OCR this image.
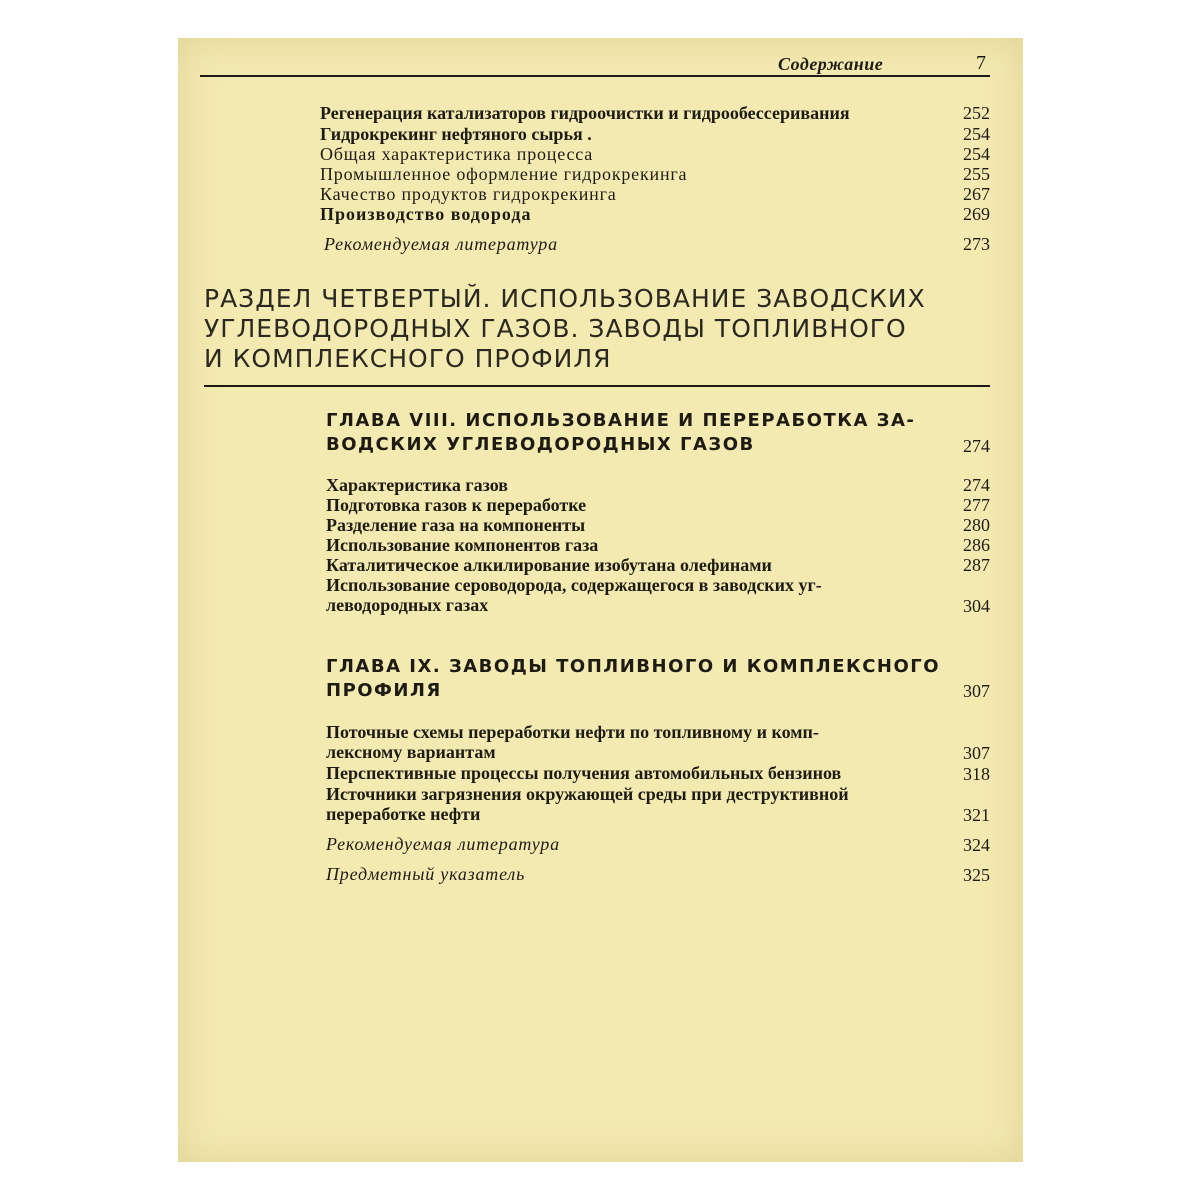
Содержание	7
Регенерация катализаторов гидроочистки и гидрообессеривания	252
Гидрокрекинг нефтяного сырья .	254
Общая характеристика процесса	254
Промышленное оформление гидрокрекинга	255
Качество продуктов гидрокрекинга	267
Производство водорода	269
Рекомендуемая литература	273
РАЗДЕЛ ЧЕТВЕРТЫЙ. ИСПОЛЬЗОВАНИЕ ЗАВОДСКИХ
УГЛЕВОДОРОДНЫХ ГАЗОВ. ЗАВОДЫ ТОПЛИВНОГО
И КОМПЛЕКСНОГО ПРОФИЛЯ
ГЛАВА VIII. ИСПОЛЬЗОВАНИЕ И ПЕРЕРАБОТКА ЗА-
ВОДСКИХ УГЛЕВОДОРОДНЫХ ГАЗОВ	274
Характеристика газов	274
Подготовка газов к переработке	277
Разделение газа на компоненты	280
Использование компонентов газа	286
Каталитическое алкилирование изобутана олефинами	287
Использование сероводорода, содержащегося в заводских уг-
леводородных газах	304
ГЛАВА IX. ЗАВОДЫ ТОПЛИВНОГО И КОМПЛЕКСНОГО
ПРОФИЛЯ	307
Поточные схемы переработки нефти по топливному и комп-
лексному вариантам	307
Перспективные процессы получения автомобильных бензинов	318
Источники загрязнения окружающей среды при деструктивной
переработке нефти	321
Рекомендуемая литература	324
Предметный указатель	325
